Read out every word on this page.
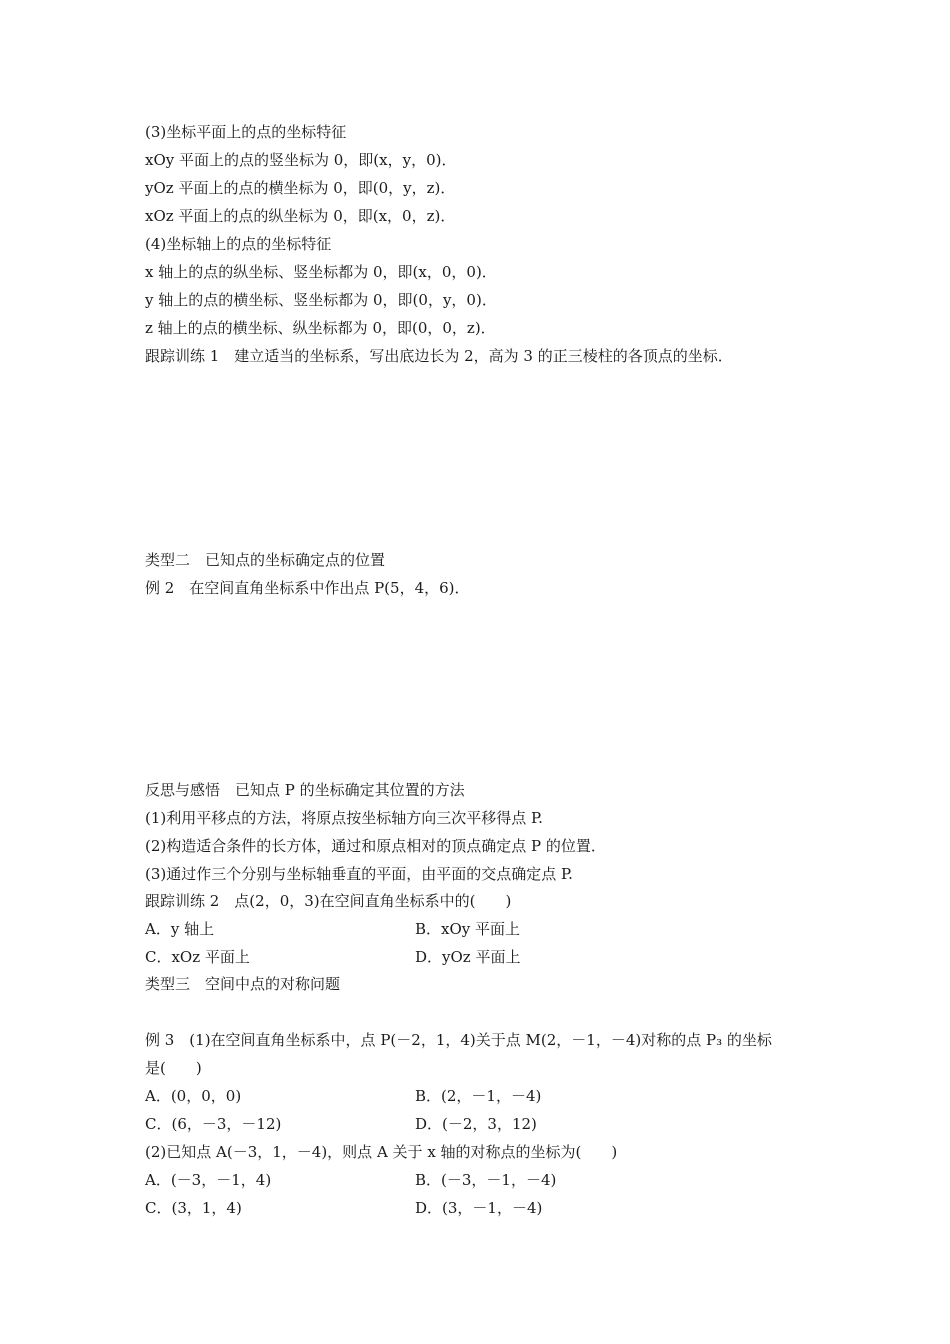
(3)坐标平面上的点的坐标特征
xOy 平面上的点的竖坐标为 0，即(x，y，0)．
yOz 平面上的点的横坐标为 0，即(0，y，z)．
xOz 平面上的点的纵坐标为 0，即(x，0，z)．
(4)坐标轴上的点的坐标特征
x 轴上的点的纵坐标、竖坐标都为 0，即(x，0，0)．
y 轴上的点的横坐标、竖坐标都为 0，即(0，y，0)．
z 轴上的点的横坐标、纵坐标都为 0，即(0，0，z)．
跟踪训练 1　建立适当的坐标系，写出底边长为 2，高为 3 的正三棱柱的各顶点的坐标．
类型二　已知点的坐标确定点的位置
例 2　在空间直角坐标系中作出点 P(5，4，6)．
反思与感悟　已知点 P 的坐标确定其位置的方法
(1)利用平移点的方法，将原点按坐标轴方向三次平移得点 P.
(2)构造适合条件的长方体，通过和原点相对的顶点确定点 P 的位置．
(3)通过作三个分别与坐标轴垂直的平面，由平面的交点确定点 P.
跟踪训练 2　点(2，0，3)在空间直角坐标系中的(　　)
A．y 轴上	B．xOy 平面上
C．xOz 平面上	D．yOz 平面上
类型三　空间中点的对称问题
例 3　(1)在空间直角坐标系中，点 P(－2，1，4)关于点 M(2，－1，－4)对称的点 P₃ 的坐标
是(　　)
A．(0，0，0)	B．(2，－1，－4)
C．(6，－3，－12)	D．(－2，3，12)
(2)已知点 A(－3，1，－4)，则点 A 关于 x 轴的对称点的坐标为(　　)
A．(－3，－1，4)	B．(－3，－1，－4)
C．(3，1，4)	D．(3，－1，－4)
